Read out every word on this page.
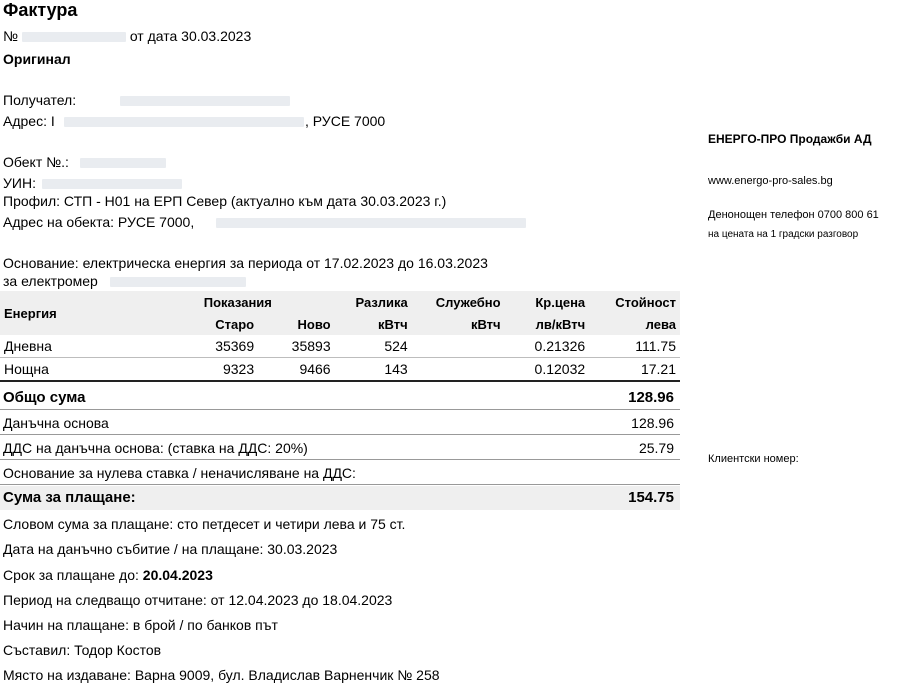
Фактура
№	от дата 30.03.2023
Оригинал
Получател:
Адрес: I	, РУСЕ 7000
Обект №.:
УИН:
Профил: СТП - Н01 на ЕРП Север (актуално към дата 30.03.2023 г.)
Адрес на обекта: РУСЕ 7000,
Основание: електрическа енергия за периода от 17.02.2023 до 16.03.2023
за електромер
Енергия	Показания		Разлика	Служебно	Кр.цена	Стойност
	Старо	Ново	кВтч	кВтч	лв/кВтч	лева
Дневна	35369	35893	524		0.21326	111.75
Нощна	9323	9466	143		0.12032	17.21
Общо сума	128.96
Данъчна основа	128.96
ДДС на данъчна основа: (ставка на ДДС: 20%)	25.79
Основание за нулева ставка / неначисляване на ДДС:
Сума за плащане:	154.75
Словом сума за плащане: сто петдесет и четири лева и 75 ст.
Дата на данъчно събитие / на плащане: 30.03.2023
Срок за плащане до: 20.04.2023
Период на следващо отчитане: от 12.04.2023 до 18.04.2023
Начин на плащане: в брой / по банков път
Съставил: Тодор Костов
Място на издаване: Варна 9009, бул. Владислав Варненчик № 258
ЕНЕРГО-ПРО Продажби АД
www.energo-pro-sales.bg
Денонощен телефон 0700 800 61
на цената на 1 градски разговор
Клиентски номер:
